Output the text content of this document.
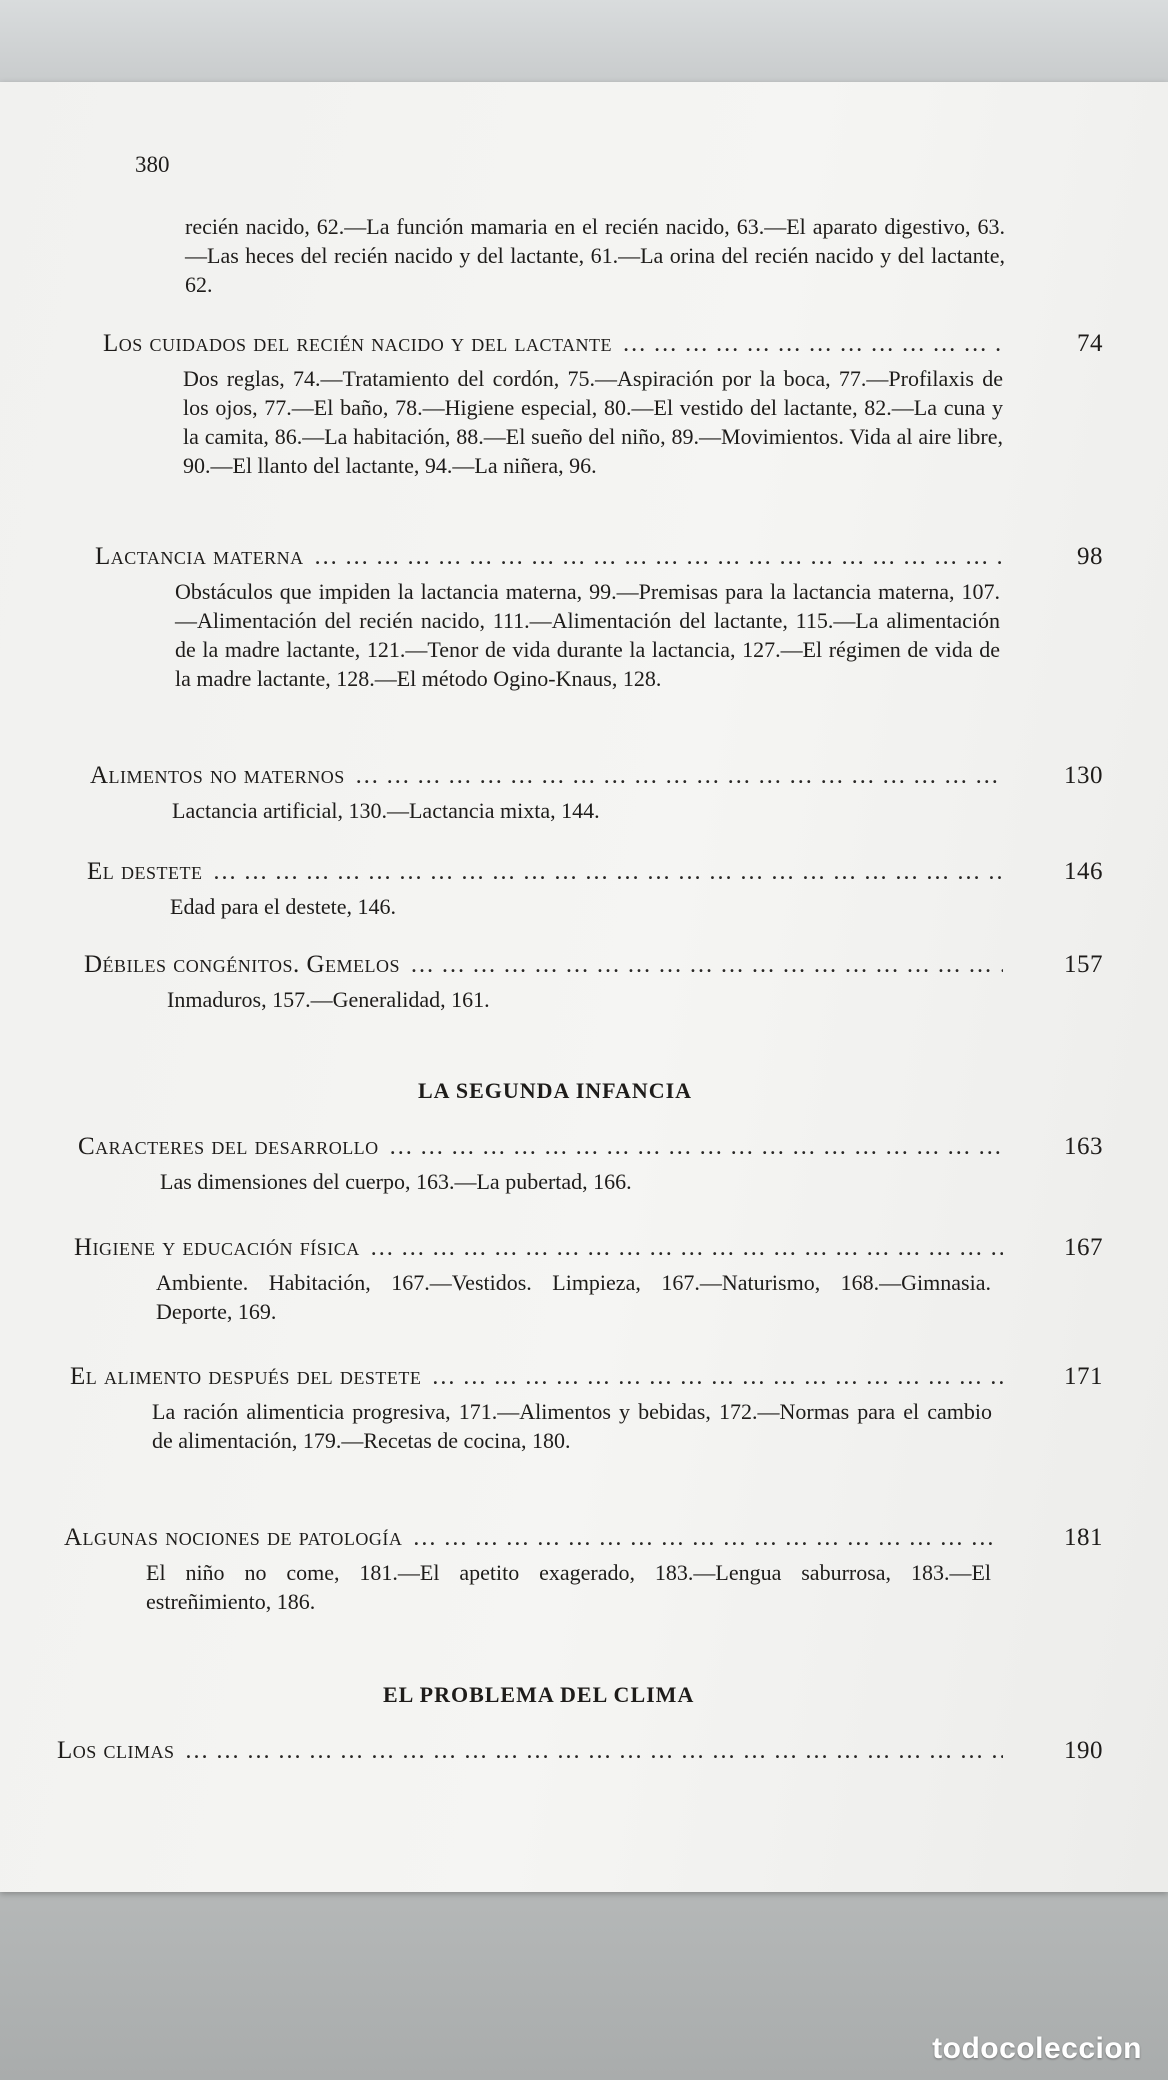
380
recién nacido, 62.—La función mamaria en el recién nacido, 63.—El aparato digestivo, 63.—Las heces del recién nacido y del lactante, 61.—La orina del recién nacido y del lactante, 62.
Los cuidados del recién nacido y del lactante … … … … … … … … … … … … … … … … … … … … … … … … … … … … … … … … … … … … … … …	74
Dos reglas, 74.—Tratamiento del cordón, 75.—Aspiración por la boca, 77.—Profilaxis de los ojos, 77.—El baño, 78.—Higiene especial, 80.—El vestido del lactante, 82.—La cuna y la camita, 86.—La habitación, 88.—El sueño del niño, 89.—Movimientos. Vida al aire libre, 90.—El llanto del lactante, 94.—La niñera, 96.
Lactancia materna … … … … … … … … … … … … … … … … … … … … … … … … … … … … … … … … … … … … … … …	98
Obstáculos que impiden la lactancia materna, 99.—Premisas para la lactancia materna, 107.—Alimentación del recién nacido, 111.—Alimentación del lactante, 115.—La alimentación de la madre lactante, 121.—Tenor de vida durante la lactancia, 127.—El régimen de vida de la madre lactante, 128.—El método Ogino-Knaus, 128.
Alimentos no maternos … … … … … … … … … … … … … … … … … … … … … … … … … … … … … … … … … … … … … … …	130
Lactancia artificial, 130.—Lactancia mixta, 144.
El destete … … … … … … … … … … … … … … … … … … … … … … … … … … … … … … … … … … … … … … …	146
Edad para el destete, 146.
Débiles congénitos. Gemelos … … … … … … … … … … … … … … … … … … … … … … … … … … … … … … … … … … … … … … …	157
Inmaduros, 157.—Generalidad, 161.
LA SEGUNDA INFANCIA
Caracteres del desarrollo … … … … … … … … … … … … … … … … … … … … … … … … … … … … … … … … … … … … … … …	163
Las dimensiones del cuerpo, 163.—La pubertad, 166.
Higiene y educación física … … … … … … … … … … … … … … … … … … … … … … … … … … … … … … … … … … … … … … …	167
Ambiente. Habitación, 167.—Vestidos. Limpieza, 167.—Naturismo, 168.—Gimnasia. Deporte, 169.
El alimento después del destete … … … … … … … … … … … … … … … … … … … … … … … … … … … … … … … … … … … … … … …	171
La ración alimenticia progresiva, 171.—Alimentos y bebidas, 172.—Normas para el cambio de alimentación, 179.—Recetas de cocina, 180.
Algunas nociones de patología … … … … … … … … … … … … … … … … … … … … … … … … … … … … … … … … … … … … … … …	181
El niño no come, 181.—El apetito exagerado, 183.—Lengua saburrosa, 183.—El estreñimiento, 186.
EL PROBLEMA DEL CLIMA
Los climas … … … … … … … … … … … … … … … … … … … … … … … … … … … … … … … … … … … … … … …	190
todocoleccion
